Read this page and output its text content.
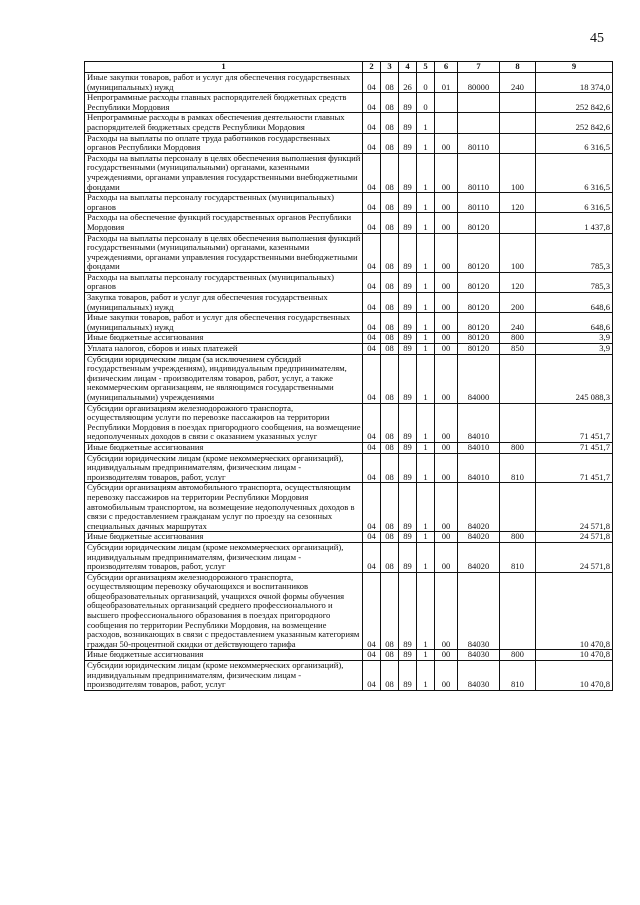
45
1	2	3	4	5	6	7	8	9
Иные закупки товаров, работ и услуг для обеспечения государственных (муниципальных) нужд	04	08	26	0	01	80000	240	18 374,0
Непрограммные расходы главных распорядителей бюджетных средств Республики Мордовия	04	08	89	0				252 842,6
Непрограммные расходы в рамках обеспечения деятельности главных распорядителей бюджетных средств Республики Мордовия	04	08	89	1				252 842,6
Расходы на выплаты по оплате труда работников государственных органов Республики Мордовия	04	08	89	1	00	80110		6 316,5
Расходы на выплаты персоналу в целях обеспечения выполнения функций государственными (муниципальными) органами, казенными учреждениями, органами управления государственными внебюджетными фондами	04	08	89	1	00	80110	100	6 316,5
Расходы на выплаты персоналу государственных (муниципальных) органов	04	08	89	1	00	80110	120	6 316,5
Расходы на обеспечение функций государственных органов Республики Мордовия	04	08	89	1	00	80120		1 437,8
Расходы на выплаты персоналу в целях обеспечения выполнения функций государственными (муниципальными) органами, казенными учреждениями, органами управления государственными внебюджетными фондами	04	08	89	1	00	80120	100	785,3
Расходы на выплаты персоналу государственных (муниципальных) органов	04	08	89	1	00	80120	120	785,3
Закупка товаров, работ и услуг для обеспечения государственных (муниципальных) нужд	04	08	89	1	00	80120	200	648,6
Иные закупки товаров, работ и услуг для обеспечения государственных (муниципальных) нужд	04	08	89	1	00	80120	240	648,6
Иные бюджетные ассигнования	04	08	89	1	00	80120	800	3,9
Уплата налогов, сборов и иных платежей	04	08	89	1	00	80120	850	3,9
Субсидии юридическим лицам (за исключением субсидий государственным учреждениям), индивидуальным предпринимателям, физическим лицам - производителям товаров, работ, услуг, а также некоммерческим организациям, не являющимся государственными (муниципальными) учреждениями	04	08	89	1	00	84000		245 088,3
Субсидии организациям железнодорожного транспорта, осуществляющим услуги по перевозке пассажиров на территории Республики Мордовия в поездах пригородного сообщения, на возмещение недополученных доходов в связи с оказанием указанных услуг	04	08	89	1	00	84010		71 451,7
Иные бюджетные ассигнования	04	08	89	1	00	84010	800	71 451,7
Субсидии юридическим лицам (кроме некоммерческих организаций), индивидуальным предпринимателям, физическим лицам - производителям товаров, работ, услуг	04	08	89	1	00	84010	810	71 451,7
Субсидии организациям автомобильного транспорта, осуществляющим перевозку пассажиров на территории Республики Мордовия автомобильным транспортом, на возмещение недополученных доходов в связи с предоставлением гражданам услуг по проезду на сезонных специальных дачных маршрутах	04	08	89	1	00	84020		24 571,8
Иные бюджетные ассигнования	04	08	89	1	00	84020	800	24 571,8
Субсидии юридическим лицам (кроме некоммерческих организаций), индивидуальным предпринимателям, физическим лицам - производителям товаров, работ, услуг	04	08	89	1	00	84020	810	24 571,8
Субсидии организациям железнодорожного транспорта, осуществляющим перевозку обучающихся и воспитанников общеобразовательных организаций, учащихся очной формы обучения общеобразовательных организаций среднего профессионального и высшего профессионального образования в поездах пригородного сообщения по территории Республики Мордовия, на возмещение расходов, возникающих в связи с предоставлением указанным категориям граждан 50-процентной скидки от действующего тарифа	04	08	89	1	00	84030		10 470,8
Иные бюджетные ассигнования	04	08	89	1	00	84030	800	10 470,8
Субсидии юридическим лицам (кроме некоммерческих организаций), индивидуальным предпринимателям, физическим лицам - производителям товаров, работ, услуг	04	08	89	1	00	84030	810	10 470,8
